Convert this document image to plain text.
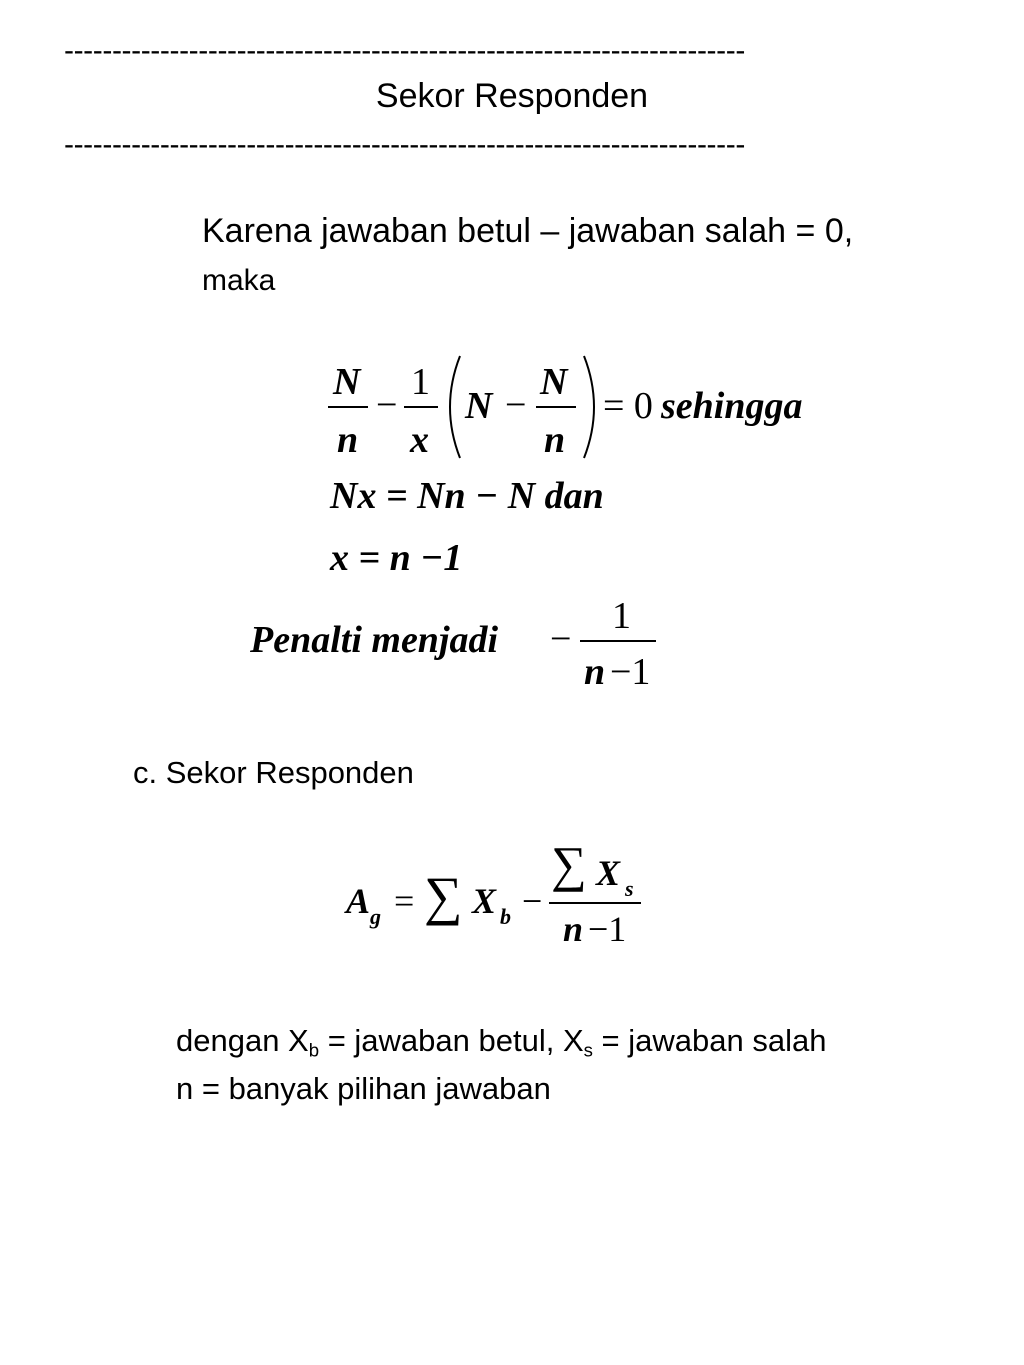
-----------------------------------------------------------------------
Sekor Responden
-----------------------------------------------------------------------
Karena jawaban betul – jawaban salah = 0,
maka
N
n
−
1
x
N −
N
n
= 0 sehingga
Nx = Nn − N dan
x = n −1
Penalti menjadi −
1
n −1
c. Sekor Responden
A g = ∑ X b −
∑ X s
n −1
dengan $X_b$ = jawaban betul, $X_s$ = jawaban salah
n = banyak pilihan jawaban
